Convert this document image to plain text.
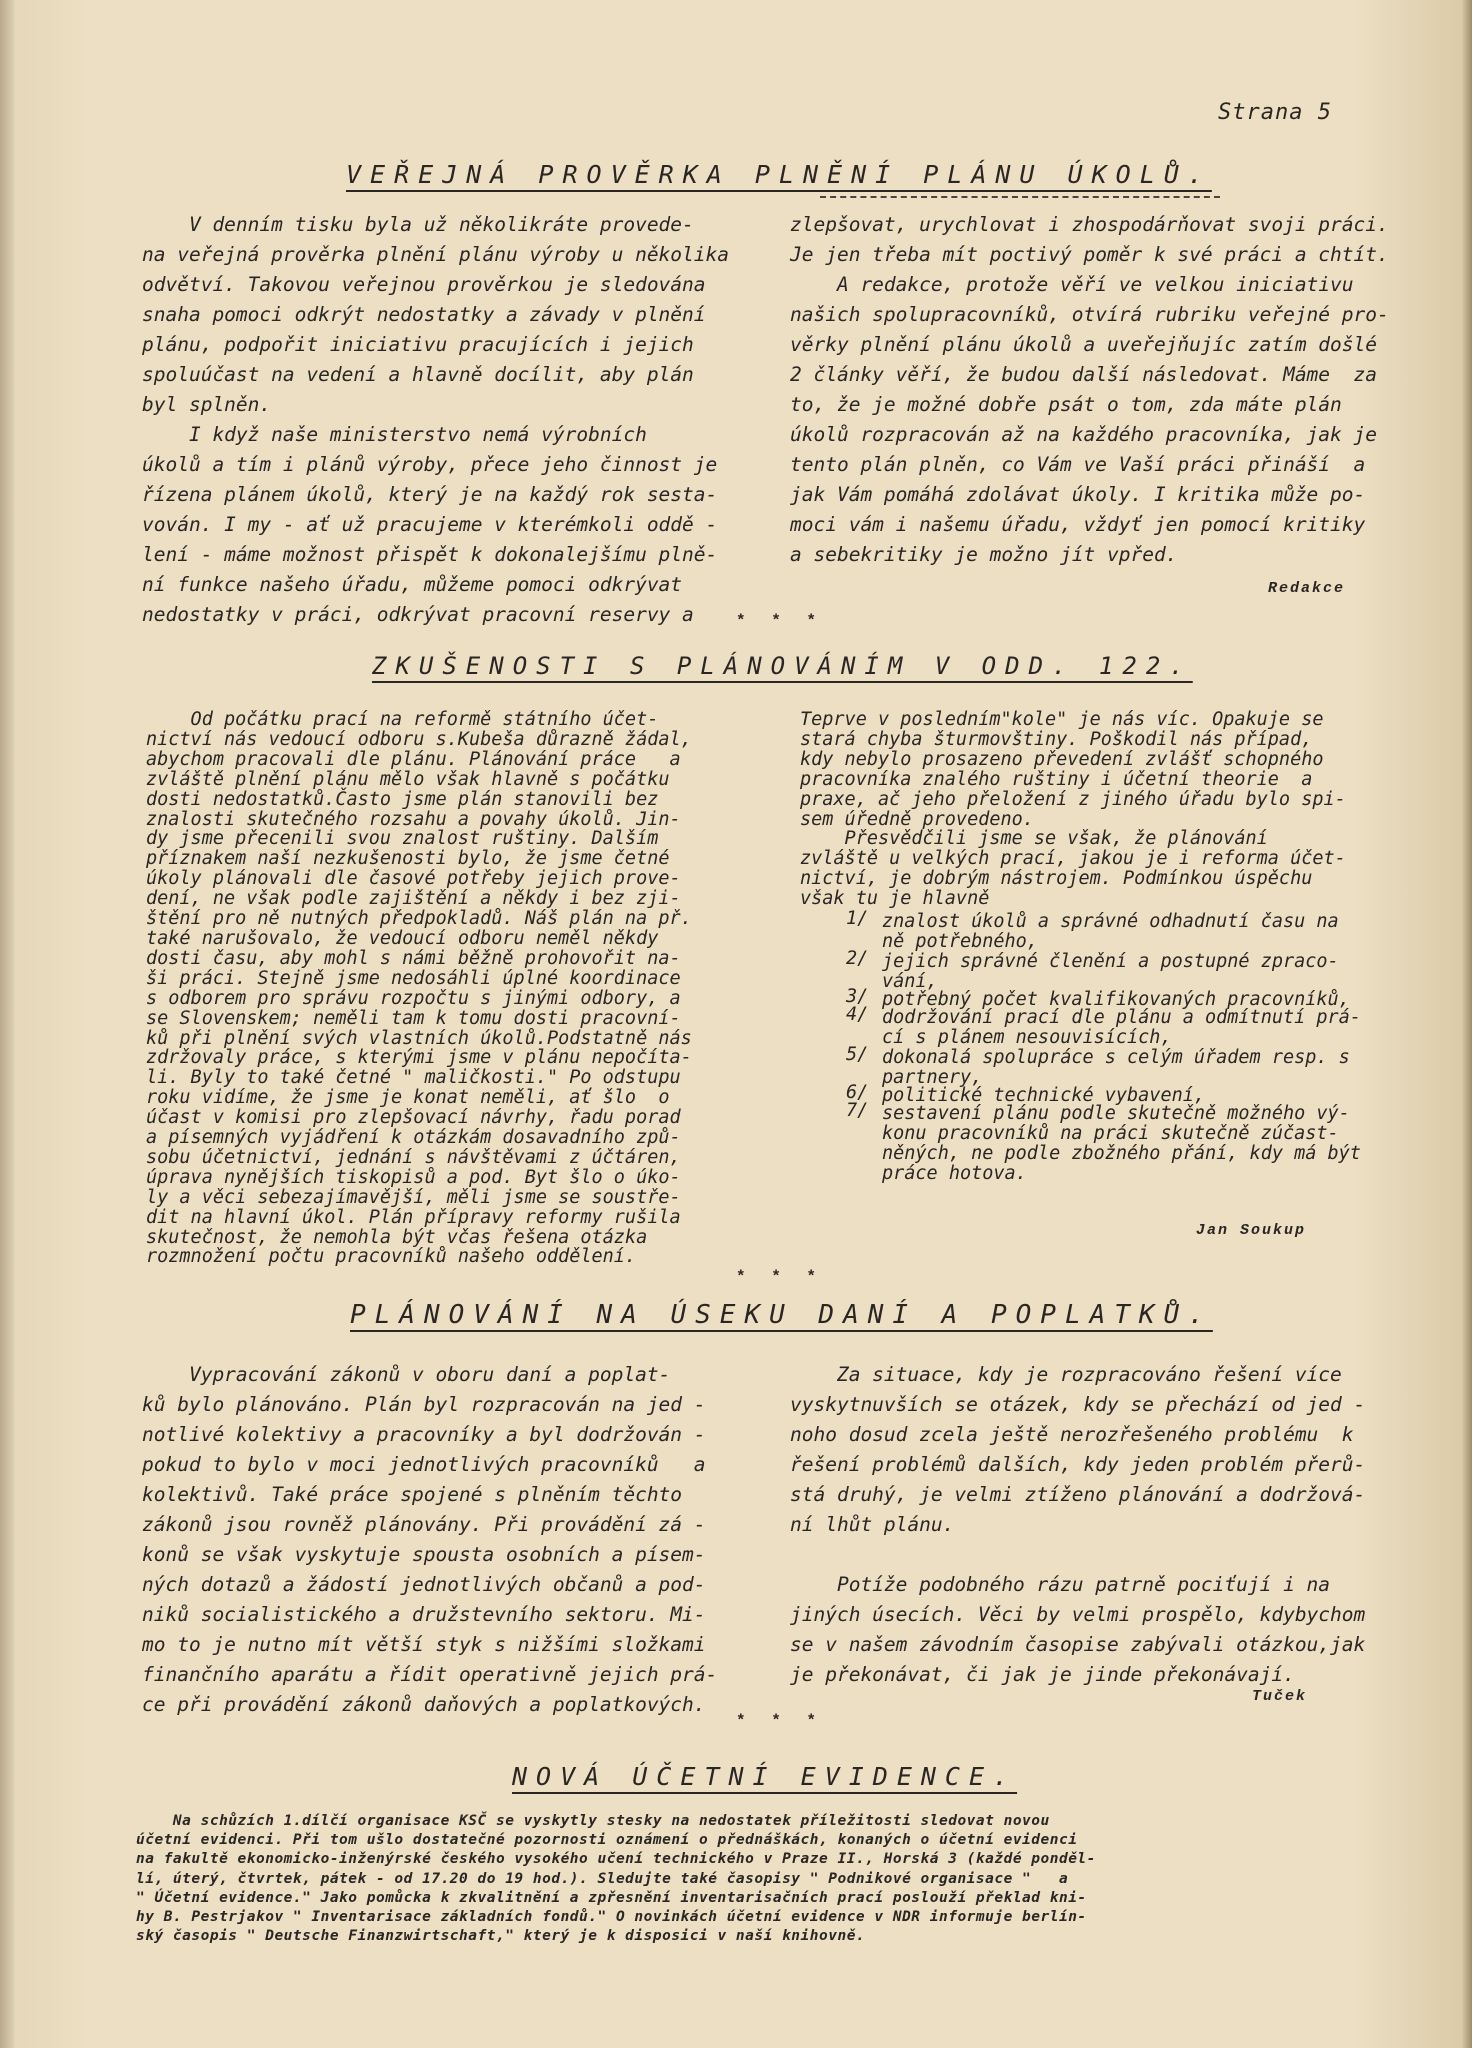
Strana 5
VEŘEJNÁ PROVĚRKA PLNĚNÍ PLÁNU ÚKOLŮ.
V denním tisku byla už několikráte provede-
na veřejná prověrka plnění plánu výroby u několika
odvětví. Takovou veřejnou prověrkou je sledována
snaha pomoci odkrýt nedostatky a závady v plnění
plánu, podpořit iniciativu pracujících i jejich
spoluúčast na vedení a hlavně docílit, aby plán
byl splněn.
I když naše ministerstvo nemá výrobních
úkolů a tím i plánů výroby, přece jeho činnost je
řízena plánem úkolů, který je na každý rok sesta-
vován. I my - ať už pracujeme v kterémkoli oddě -
lení - máme možnost přispět k dokonalejšímu plně-
ní funkce našeho úřadu, můžeme pomoci odkrývat
nedostatky v práci, odkrývat pracovní reservy a
zlepšovat, urychlovat i zhospodárňovat svoji práci.
Je jen třeba mít poctivý poměr k své práci a chtít.
A redakce, protože věří ve velkou iniciativu
našich spolupracovníků, otvírá rubriku veřejné pro-
věrky plnění plánu úkolů a uveřejňujíc zatím došlé
2 články věří, že budou další následovat. Máme  za
to, že je možné dobře psát o tom, zda máte plán
úkolů rozpracován až na každého pracovníka, jak je
tento plán plněn, co Vám ve Vaší práci přináší  a
jak Vám pomáhá zdolávat úkoly. I kritika může po-
moci vám i našemu úřadu, vždyť jen pomocí kritiky
a sebekritiky je možno jít vpřed.
Redakce
* * *
ZKUŠENOSTI S PLÁNOVÁNÍM V ODD. 122.
Od počátku prací na reformě státního účet-
nictví nás vedoucí odboru s.Kubeša důrazně žádal,
abychom pracovali dle plánu. Plánování práce   a
zvláště plnění plánu mělo však hlavně s počátku
dosti nedostatků.Často jsme plán stanovili bez
znalosti skutečného rozsahu a povahy úkolů. Jin-
dy jsme přecenili svou znalost ruštiny. Dalším
příznakem naší nezkušenosti bylo, že jsme četné
úkoly plánovali dle časové potřeby jejich prove-
dení, ne však podle zajištění a někdy i bez zji-
štění pro ně nutných předpokladů. Náš plán na př.
také narušovalo, že vedoucí odboru neměl někdy
dosti času, aby mohl s námi běžně prohovořit na-
ši práci. Stejně jsme nedosáhli úplné koordinace
s odborem pro správu rozpočtu s jinými odbory, a
se Slovenskem; neměli tam k tomu dosti pracovní-
ků při plnění svých vlastních úkolů.Podstatně nás
zdržovaly práce, s kterými jsme v plánu nepočíta-
li. Byly to také četné " maličkosti." Po odstupu
roku vidíme, že jsme je konat neměli, ať šlo  o
účast v komisi pro zlepšovací návrhy, řadu porad
a písemných vyjádření k otázkám dosavadního způ-
sobu účetnictví, jednání s návštěvami z účtáren,
úprava nynějších tiskopisů a pod. Byt šlo o úko-
ly a věci sebezajímavější, měli jsme se soustře-
dit na hlavní úkol. Plán přípravy reformy rušila
skutečnost, že nemohla být včas řešena otázka
rozmnožení počtu pracovníků našeho oddělení.
Teprve v posledním"kole" je nás víc. Opakuje se
stará chyba šturmovštiny. Poškodil nás případ,
kdy nebylo prosazeno převedení zvlášť schopného
pracovníka znalého ruštiny i účetní theorie  a
praxe, ač jeho přeložení z jiného úřadu bylo spi-
sem úředně provedeno.
Přesvědčili jsme se však, že plánování
zvláště u velkých prací, jakou je i reforma účet-
nictví, je dobrým nástrojem. Podmínkou úspěchu
však tu je hlavně
1/ znalost úkolů a správné odhadnutí času na
ně potřebného,
2/ jejich správné členění a postupné zpraco-
vání,
3/ potřebný počet kvalifikovaných pracovníků,
4/ dodržování prací dle plánu a odmítnutí prá-
cí s plánem nesouvisících,
5/ dokonalá spolupráce s celým úřadem resp. s
partnery,
6/ politické technické vybavení,
7/ sestavení plánu podle skutečně možného vý-
konu pracovníků na práci skutečně zúčast-
něných, ne podle zbožného přání, kdy má být
práce hotova.
Jan Soukup
* * *
PLÁNOVÁNÍ NA ÚSEKU DANÍ A POPLATKŮ.
Vypracování zákonů v oboru daní a poplat-
ků bylo plánováno. Plán byl rozpracován na jed -
notlivé kolektivy a pracovníky a byl dodržován -
pokud to bylo v moci jednotlivých pracovníků   a
kolektivů. Také práce spojené s plněním těchto
zákonů jsou rovněž plánovány. Při provádění zá -
konů se však vyskytuje spousta osobních a písem-
ných dotazů a žádostí jednotlivých občanů a pod-
niků socialistického a družstevního sektoru. Mi-
mo to je nutno mít větší styk s nižšími složkami
finančního aparátu a řídit operativně jejich prá-
ce při provádění zákonů daňových a poplatkových.
Za situace, kdy je rozpracováno řešení více
vyskytnuvších se otázek, kdy se přechází od jed -
noho dosud zcela ještě nerozřešeného problému  k
řešení problémů dalších, kdy jeden problém přerů-
stá druhý, je velmi ztíženo plánování a dodržová-
ní lhůt plánu.

Potíže podobného rázu patrně pociťují i na
jiných úsecích. Věci by velmi prospělo, kdybychom
se v našem závodním časopise zabývali otázkou,jak
je překonávat, či jak je jinde překonávají.
Tuček
* * *
NOVÁ ÚČETNÍ EVIDENCE.
Na schůzích 1.dílčí organisace KSČ se vyskytly stesky na nedostatek příležitosti sledovat novou
účetní evidenci. Při tom ušlo dostatečné pozornosti oznámení o přednáškách, konaných o účetní evidenci
na fakultě ekonomicko-inženýrské českého vysokého učení technického v Praze II., Horská 3 (každé ponděl-
lí, úterý, čtvrtek, pátek - od 17.20 do 19 hod.). Sledujte také časopisy " Podnikové organisace "   a
" Účetní evidence." Jako pomůcka k zkvalitnění a zpřesnění inventarisačních prací poslouží překlad kni-
hy B. Pestrjakov " Inventarisace základních fondů." O novinkách účetní evidence v NDR informuje berlín-
ský časopis " Deutsche Finanzwirtschaft," který je k disposici v naší knihovně.
